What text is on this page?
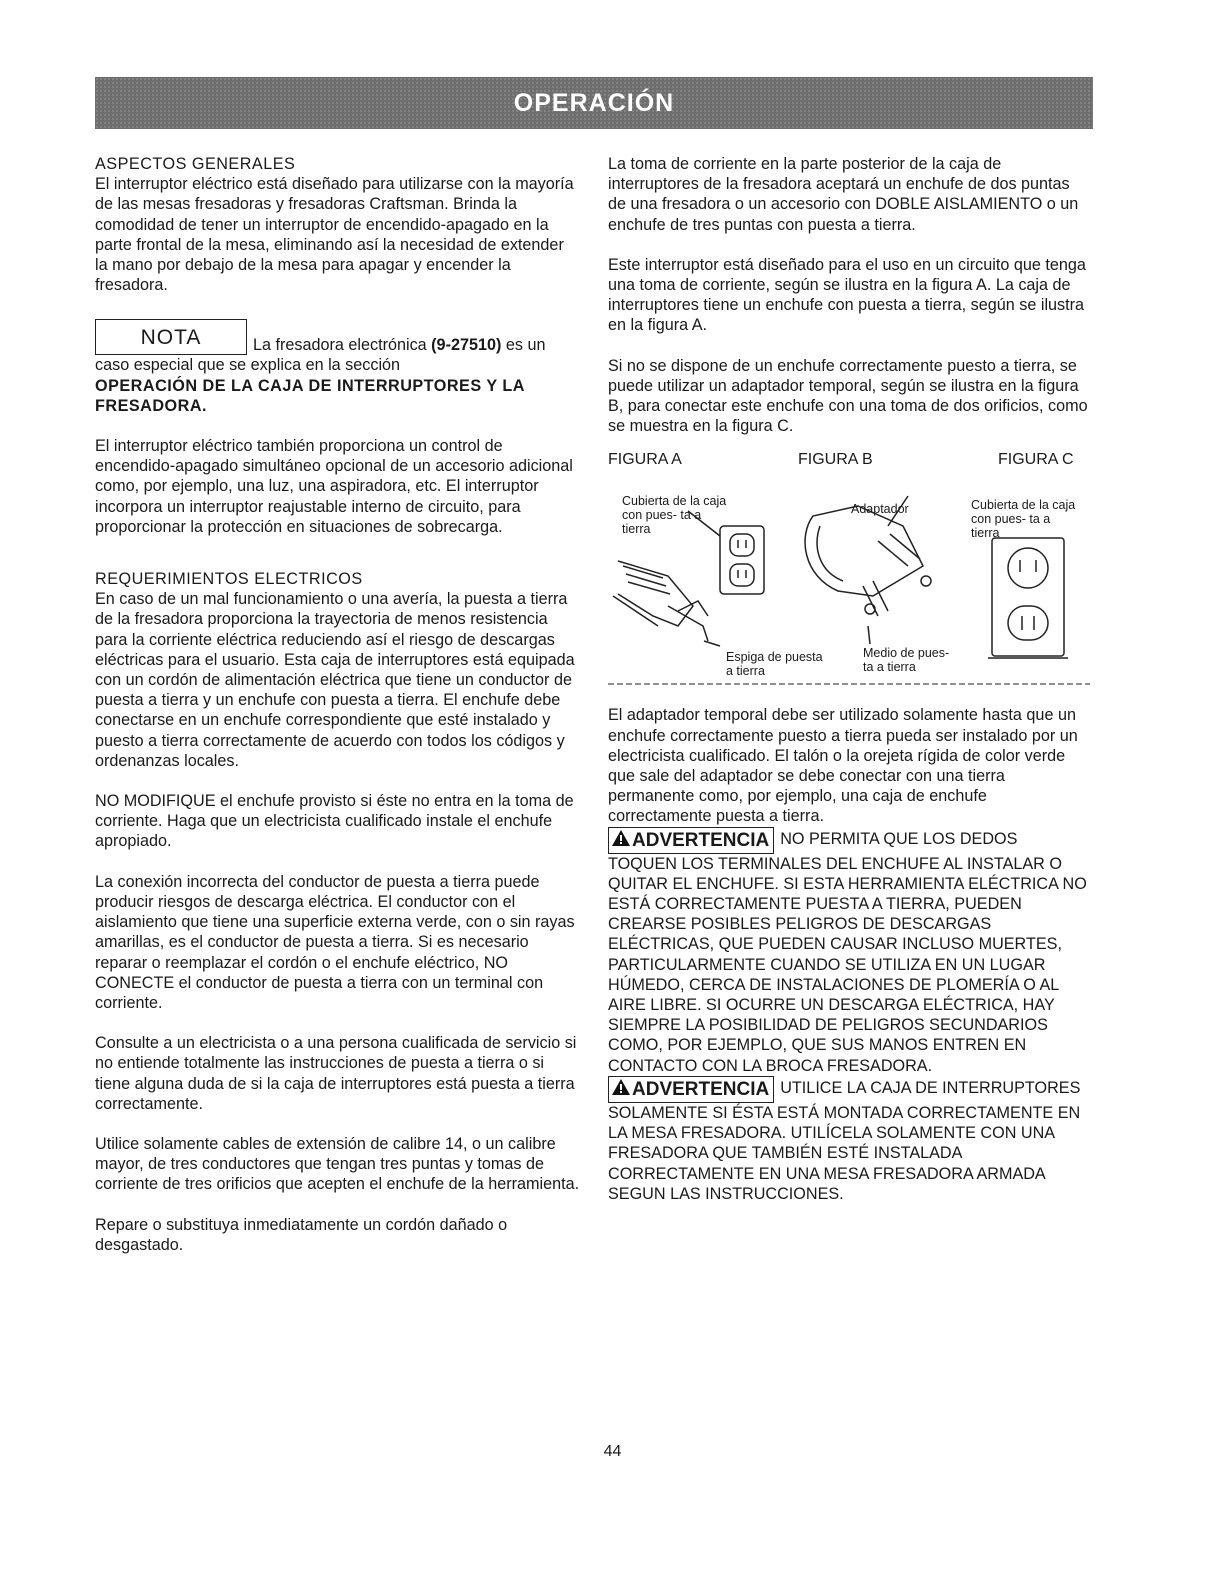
OPERACIÓN

ASPECTOS GENERALES

El interruptor eléctrico está diseñado para utilizarse con la mayoría de las mesas fresadoras y fresadoras Craftsman. Brinda la comodidad de tener un interruptor de encendido-apagado en la parte frontal de la mesa, eliminando así la necesidad de extender la mano por debajo de la mesa para apagar y encender la fresadora.

NOTA	La fresadora electrónica (9-27510) es un caso especial que se explica en la sección

OPERACIÓN DE LA CAJA DE INTERRUPTORES Y LA FRESADORA.

El interruptor eléctrico también proporciona un control de encendido-apagado simultáneo opcional de un accesorio adicional como, por ejemplo, una luz, una aspiradora, etc. El interruptor incorpora un interruptor reajustable interno de circuito, para proporcionar la protección en situaciones de sobrecarga.

REQUERIMIENTOS ELECTRICOS

En caso de un mal funcionamiento o una avería, la puesta a tierra de la fresadora proporciona la trayectoria de menos resistencia para la corriente eléctrica reduciendo así el riesgo de descargas eléctricas para el usuario. Esta caja de interruptores está equipada con un cordón de alimentación eléctrica que tiene un conductor de puesta a tierra y un enchufe con puesta a tierra. El enchufe debe conectarse en un enchufe correspondiente que esté instalado y puesto a tierra correctamente de acuerdo con todos los códigos y ordenanzas locales.

NO MODIFIQUE el enchufe provisto si éste no entra en la toma de corriente. Haga que un electricista cualificado instale el enchufe apropiado.

La conexión incorrecta del conductor de puesta a tierra puede producir riesgos de descarga eléctrica. El conductor con el aislamiento que tiene una superficie externa verde, con o sin rayas amarillas, es el conductor de puesta a tierra. Si es necesario reparar o reemplazar el cordón o el enchufe eléctrico, NO CONECTE el conductor de puesta a tierra con un terminal con corriente.

Consulte a un electricista o a una persona cualificada de servicio si no entiende totalmente las instrucciones de puesta a tierra o si tiene alguna duda de si la caja de interruptores está puesta a tierra correctamente.

Utilice solamente cables de extensión de calibre 14, o un calibre mayor, de tres conductores que tengan tres puntas y tomas de corriente de tres orificios que acepten el enchufe de la herramienta.

Repare o substituya inmediatamente un cordón dañado o desgastado.

La toma de corriente en la parte posterior de la caja de interruptores de la fresadora aceptará un enchufe de dos puntas de una fresadora o un accesorio con DOBLE AISLAMIENTO o un enchufe de tres puntas con puesta a tierra.

Este interruptor está diseñado para el uso en un circuito que tenga una toma de corriente, según se ilustra en la figura A. La caja de interruptores tiene un enchufe con puesta a tierra, según se ilustra en la figura A.

Si no se dispone de un enchufe correctamente puesto a tierra, se puede utilizar un adaptador temporal, según se ilustra en la figura B, para conectar este enchufe con una toma de dos orificios, como se muestra en la figura C.

FIGURA A	FIGURA B	FIGURA C
Cubierta de la caja con pues- ta a tierra
Espiga de puesta a tierra
Adaptador
Medio de pues- ta a tierra
Cubierta de la caja con pues- ta a tierra

El adaptador temporal debe ser utilizado solamente hasta que un enchufe correctamente puesto a tierra pueda ser instalado por un electricista cualificado. El talón o la orejeta rígida de color verde que sale del adaptador se debe conectar con una tierra permanente como, por ejemplo, una caja de enchufe correctamente puesta a tierra.

ADVERTENCIA NO PERMITA QUE LOS DEDOS TOQUEN LOS TERMINALES DEL ENCHUFE AL INSTALAR O QUITAR EL ENCHUFE. SI ESTA HERRAMIENTA ELÉCTRICA NO ESTÁ CORRECTAMENTE PUESTA A TIERRA, PUEDEN CREARSE POSIBLES PELIGROS DE DESCARGAS ELÉCTRICAS, QUE PUEDEN CAUSAR INCLUSO MUERTES, PARTICULARMENTE CUANDO SE UTILIZA EN UN LUGAR HÚMEDO, CERCA DE INSTALACIONES DE PLOMERÍA O AL AIRE LIBRE. SI OCURRE UN DESCARGA ELÉCTRICA, HAY SIEMPRE LA POSIBILIDAD DE PELIGROS SECUNDARIOS COMO, POR EJEMPLO, QUE SUS MANOS ENTREN EN CONTACTO CON LA BROCA FRESADORA.

ADVERTENCIA UTILICE LA CAJA DE INTERRUPTORES SOLAMENTE SI ÉSTA ESTÁ MONTADA CORRECTAMENTE EN LA MESA FRESADORA. UTILÍCELA SOLAMENTE CON UNA FRESADORA QUE TAMBIÉN ESTÉ INSTALADA CORRECTAMENTE EN UNA MESA FRESADORA ARMADA SEGUN LAS INSTRUCCIONES.

44
